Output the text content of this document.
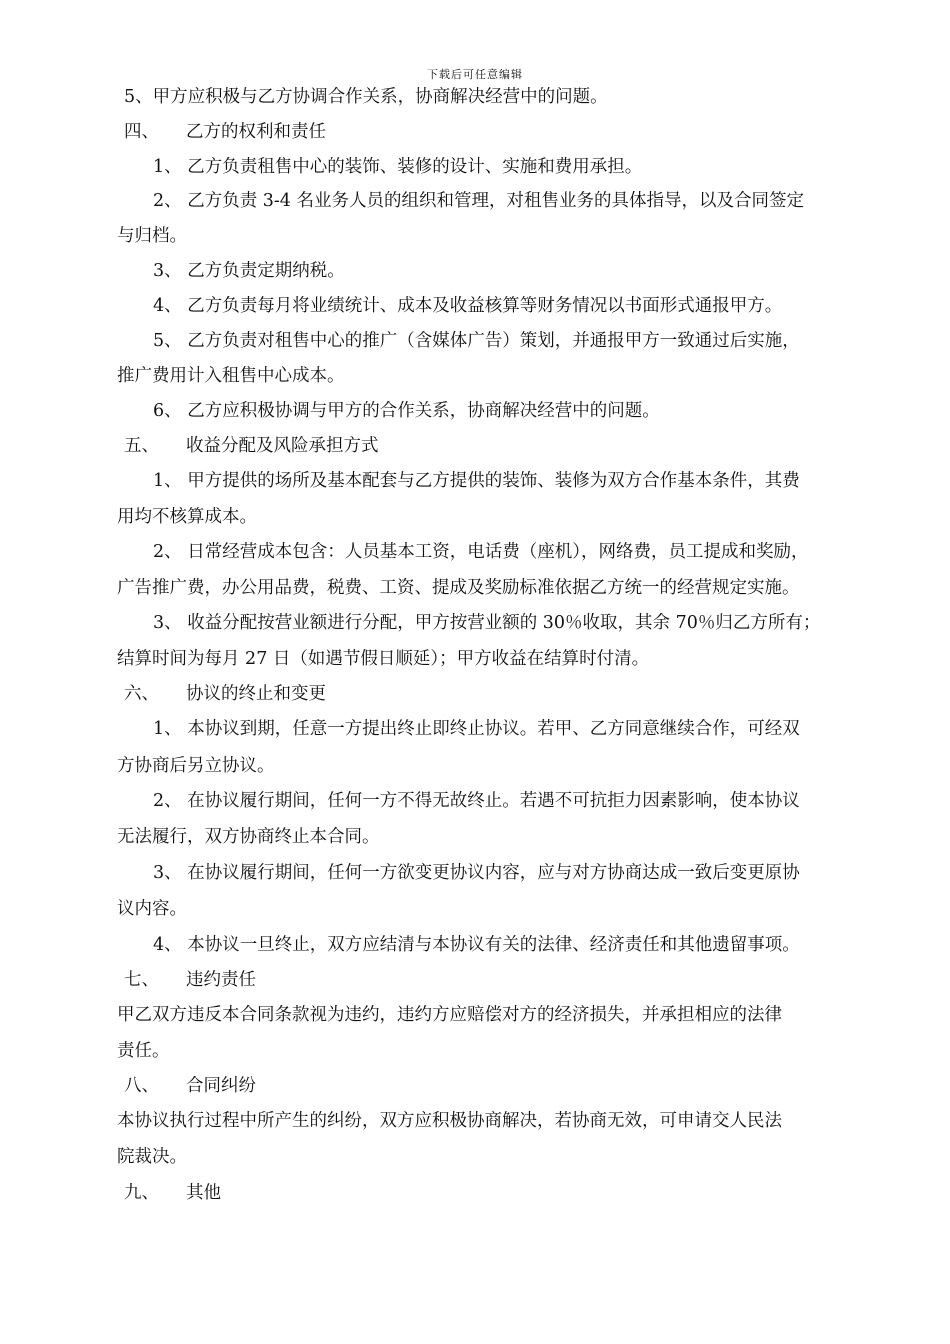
下载后可任意编辑
5、甲方应积极与乙方协调合作关系，协商解决经营中的问题。
四、 乙方的权利和责任
1、 乙方负责租售中心的装饰、装修的设计、实施和费用承担。
2、 乙方负责 3-4 名业务人员的组织和管理，对租售业务的具体指导，以及合同签定
与归档。
3、 乙方负责定期纳税。
4、 乙方负责每月将业绩统计、成本及收益核算等财务情况以书面形式通报甲方。
5、 乙方负责对租售中心的推广（含媒体广告）策划，并通报甲方一致通过后实施，
推广费用计入租售中心成本。
6、 乙方应积极协调与甲方的合作关系，协商解决经营中的问题。
五、 收益分配及风险承担方式
1、 甲方提供的场所及基本配套与乙方提供的装饰、装修为双方合作基本条件，其费
用均不核算成本。
2、 日常经营成本包含：人员基本工资，电话费（座机），网络费，员工提成和奖励，
广告推广费，办公用品费，税费、工资、提成及奖励标准依据乙方统一的经营规定实施。
3、 收益分配按营业额进行分配，甲方按营业额的 30％收取，其余 70％归乙方所有；
结算时间为每月 27 日（如遇节假日顺延）；甲方收益在结算时付清。
六、 协议的终止和变更
1、 本协议到期，任意一方提出终止即终止协议。若甲、乙方同意继续合作，可经双
方协商后另立协议。
2、 在协议履行期间，任何一方不得无故终止。若遇不可抗拒力因素影响，使本协议
无法履行，双方协商终止本合同。
3、 在协议履行期间，任何一方欲变更协议内容，应与对方协商达成一致后变更原协
议内容。
4、 本协议一旦终止，双方应结清与本协议有关的法律、经济责任和其他遗留事项。
七、 违约责任
甲乙双方违反本合同条款视为违约，违约方应赔偿对方的经济损失，并承担相应的法律
责任。
八、 合同纠纷
本协议执行过程中所产生的纠纷，双方应积极协商解决，若协商无效，可申请交人民法
院裁决。
九、 其他
